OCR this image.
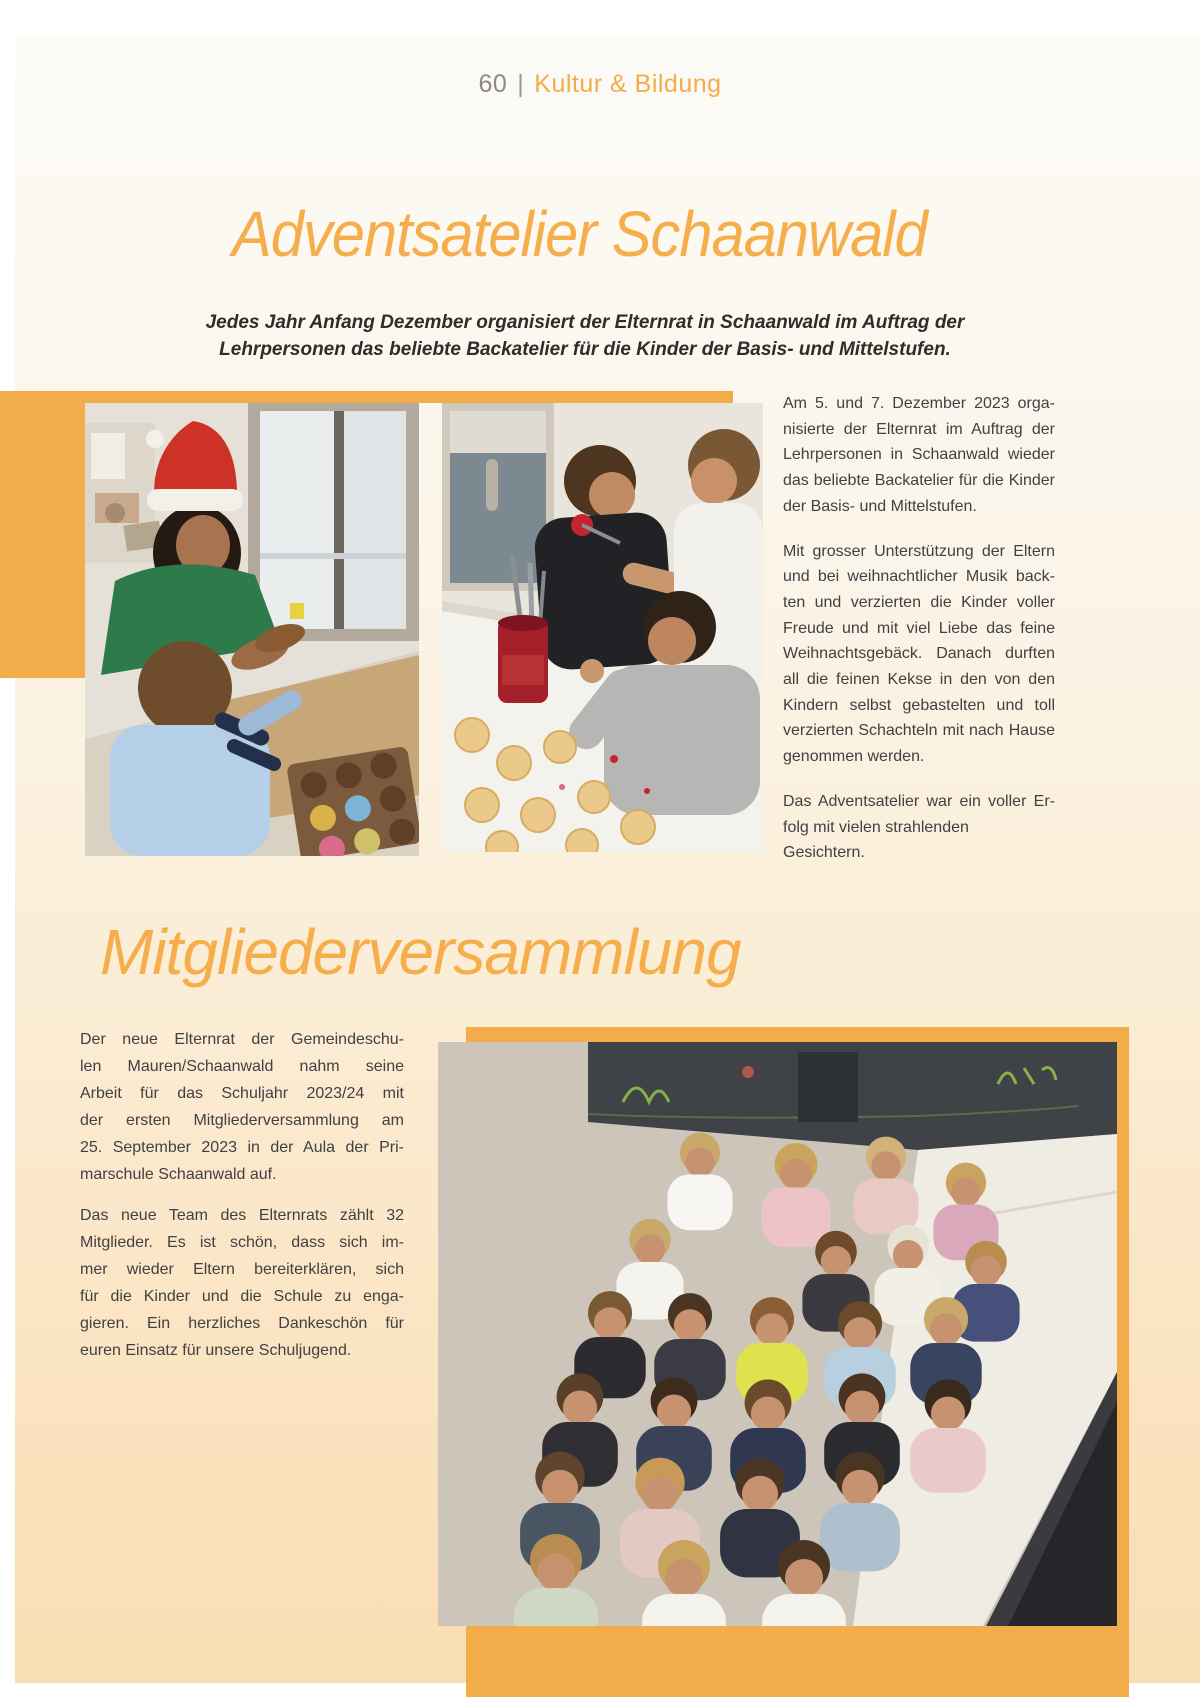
60 | Kultur & Bildung
Adventsatelier Schaanwald
Jedes Jahr Anfang Dezember organisiert der Elternrat in Schaanwald im Auftrag der
Lehrpersonen das beliebte Backatelier für die Kinder der Basis- und Mittelstufen.
Am 5. und 7. Dezember 2023 orga-
nisierte der Elternrat im Auftrag der
Lehrpersonen in Schaanwald wieder
das beliebte Backatelier für die Kinder
der Basis- und Mittelstufen.
Mit grosser Unterstützung der Eltern
und bei weihnachtlicher Musik back-
ten und verzierten die Kinder voller
Freude und mit viel Liebe das feine
Weihnachtsgebäck. Danach durften
all die feinen Kekse in den von den
Kindern selbst gebastelten und toll
verzierten Schachteln mit nach Hause
genommen werden.
Das Adventsatelier war ein voller Er-
folg mit vielen strahlenden Gesichtern.
Mitgliederversammlung
Der neue Elternrat der Gemeindeschu-
len Mauren/Schaanwald nahm seine
Arbeit für das Schuljahr 2023/24 mit
der ersten Mitgliederversammlung am
25. September 2023 in der Aula der Pri-
marschule Schaanwald auf.
Das neue Team des Elternrats zählt 32
Mitglieder. Es ist schön, dass sich im-
mer wieder Eltern bereiterklären, sich
für die Kinder und die Schule zu enga-
gieren. Ein herzliches Dankeschön für
euren Einsatz für unsere Schuljugend.
